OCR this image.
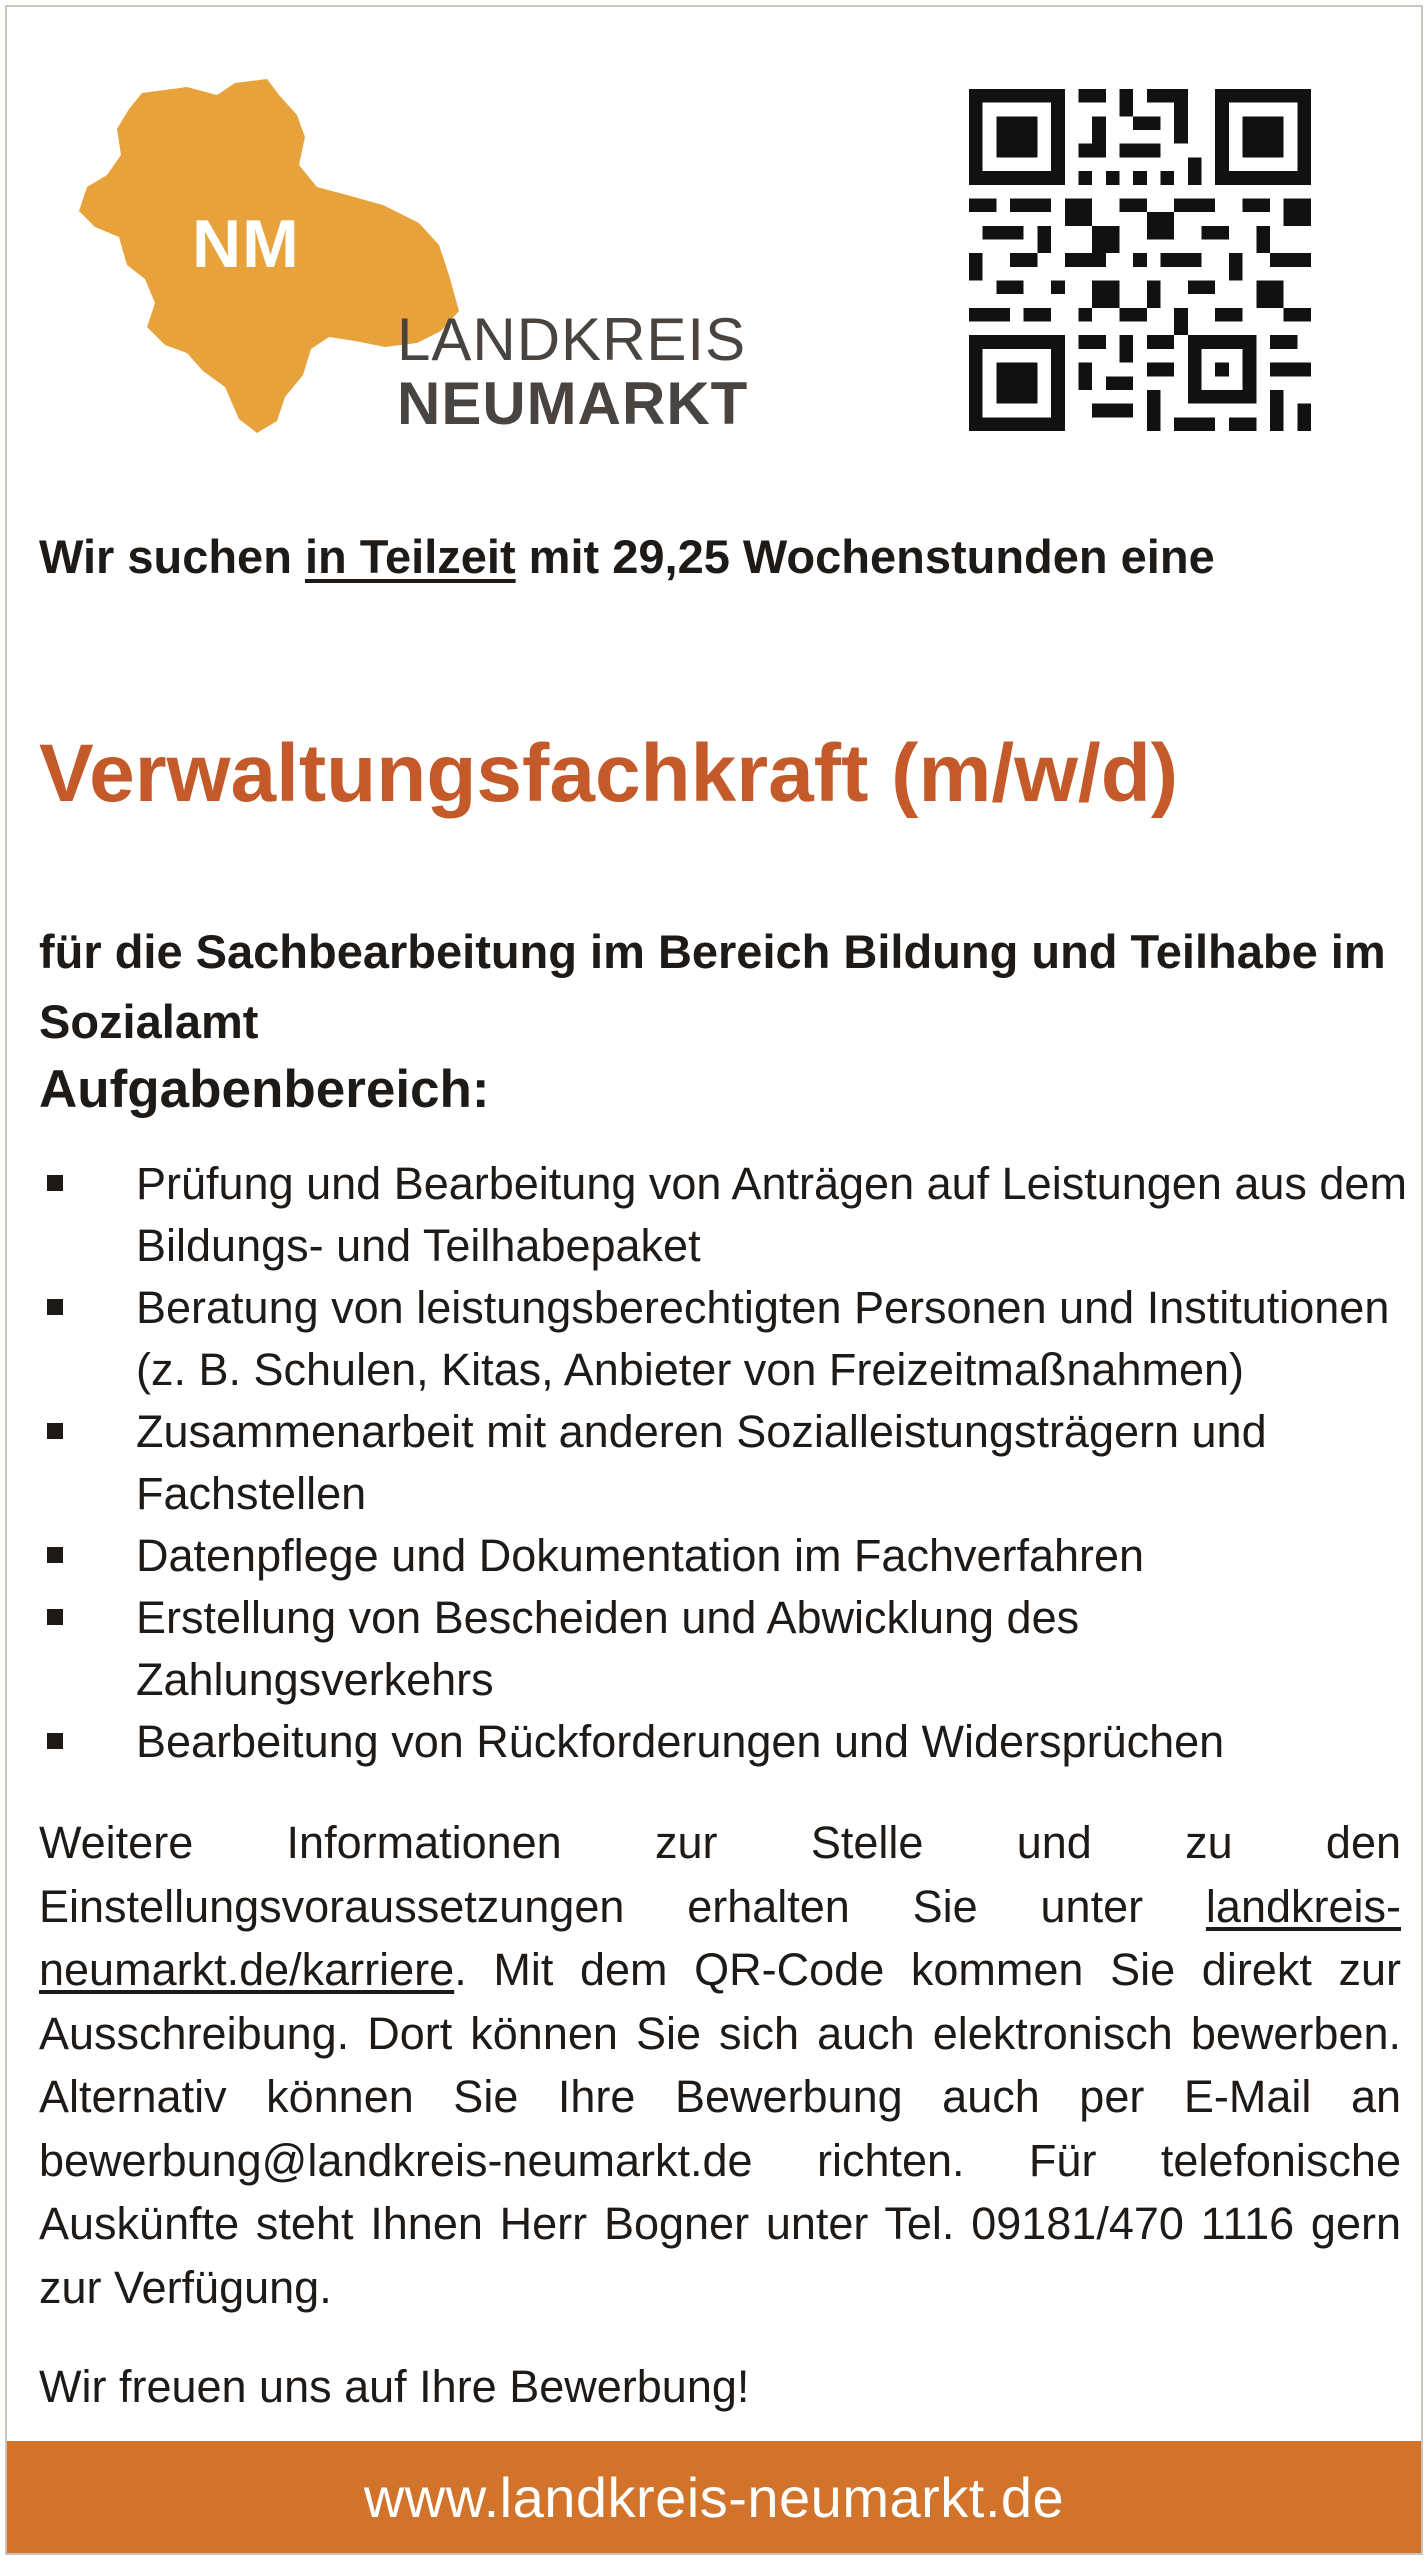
NM
LANDKREIS
NEUMARKT
Wir suchen in Teilzeit mit 29,25 Wochenstunden eine
Verwaltungsfachkraft (m/w/d)
für die Sachbearbeitung im Bereich Bildung und Teilhabe im Sozialamt
Aufgabenbereich:
Prüfung und Bearbeitung von Anträgen auf Leistungen aus dem Bildungs- und Teilhabepaket
Beratung von leistungsberechtigten Personen und Institutionen (z. B. Schulen, Kitas, Anbieter von Freizeitmaßnahmen)
Zusammenarbeit mit anderen Sozialleistungsträgern und Fachstellen
Datenpflege und Dokumentation im Fachverfahren
Erstellung von Bescheiden und Abwicklung des Zahlungsverkehrs
Bearbeitung von Rückforderungen und Widersprüchen
Weitere Informationen zur Stelle und zu den Einstellungsvoraussetzungen erhalten Sie unter landkreis-neumarkt.de/karriere. Mit dem QR-Code kommen Sie direkt zur Ausschreibung. Dort können Sie sich auch elektronisch bewerben. Alternativ können Sie Ihre Bewerbung auch per E-Mail an bewerbung@landkreis-neumarkt.de richten. Für telefonische Auskünfte steht Ihnen Herr Bogner unter Tel. 09181/470 1116 gern zur Verfügung.
Wir freuen uns auf Ihre Bewerbung!
www.landkreis-neumarkt.de
